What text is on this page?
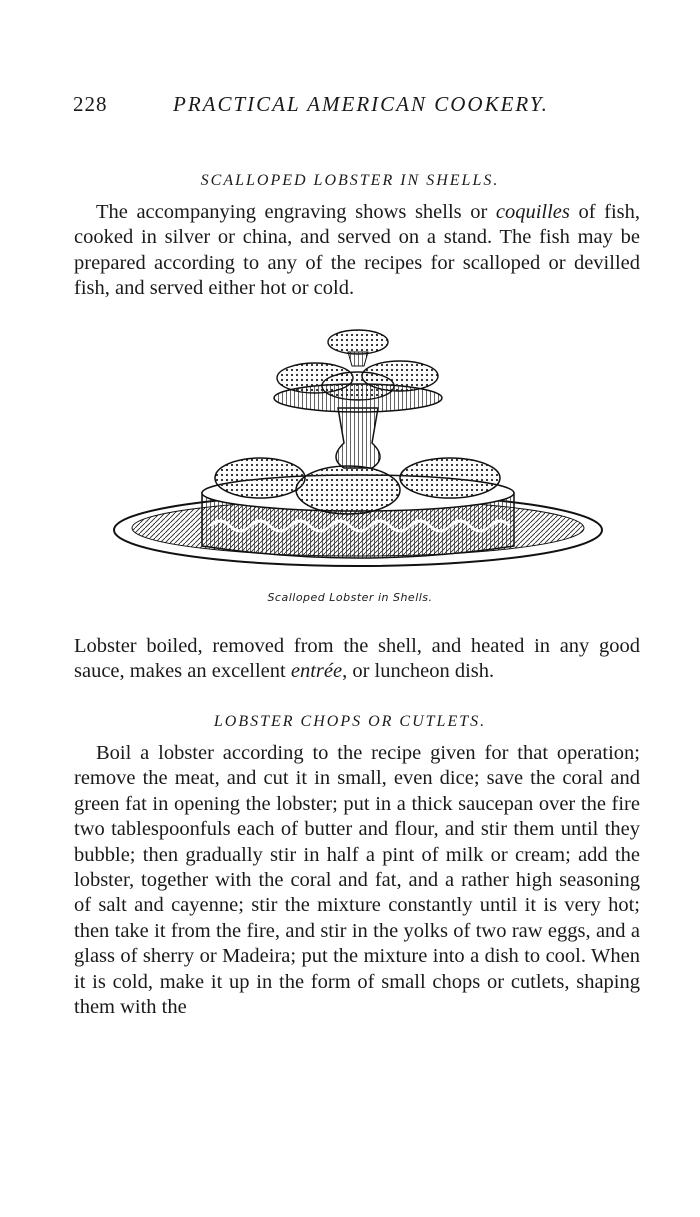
228	PRACTICAL AMERICAN COOKERY.
SCALLOPED LOBSTER IN SHELLS.

The accompanying engraving shows shells or coquilles of fish, cooked in silver or china, and served on a stand. The fish may be prepared according to any of the recipes for scalloped or devilled fish, and served either hot or cold.

Scalloped Lobster in Shells.

Lobster boiled, removed from the shell, and heated in any good sauce, makes an excellent entrée, or luncheon dish.

LOBSTER CHOPS OR CUTLETS.

Boil a lobster according to the recipe given for that operation; remove the meat, and cut it in small, even dice; save the coral and green fat in opening the lobster; put in a thick saucepan over the fire two tablespoonfuls each of butter and flour, and stir them until they bubble; then gradually stir in half a pint of milk or cream; add the lobster, together with the coral and fat, and a rather high seasoning of salt and cayenne; stir the mixture constantly until it is very hot; then take it from the fire, and stir in the yolks of two raw eggs, and a glass of sherry or Madeira; put the mixture into a dish to cool. When it is cold, make it up in the form of small chops or cutlets, shaping them with the
